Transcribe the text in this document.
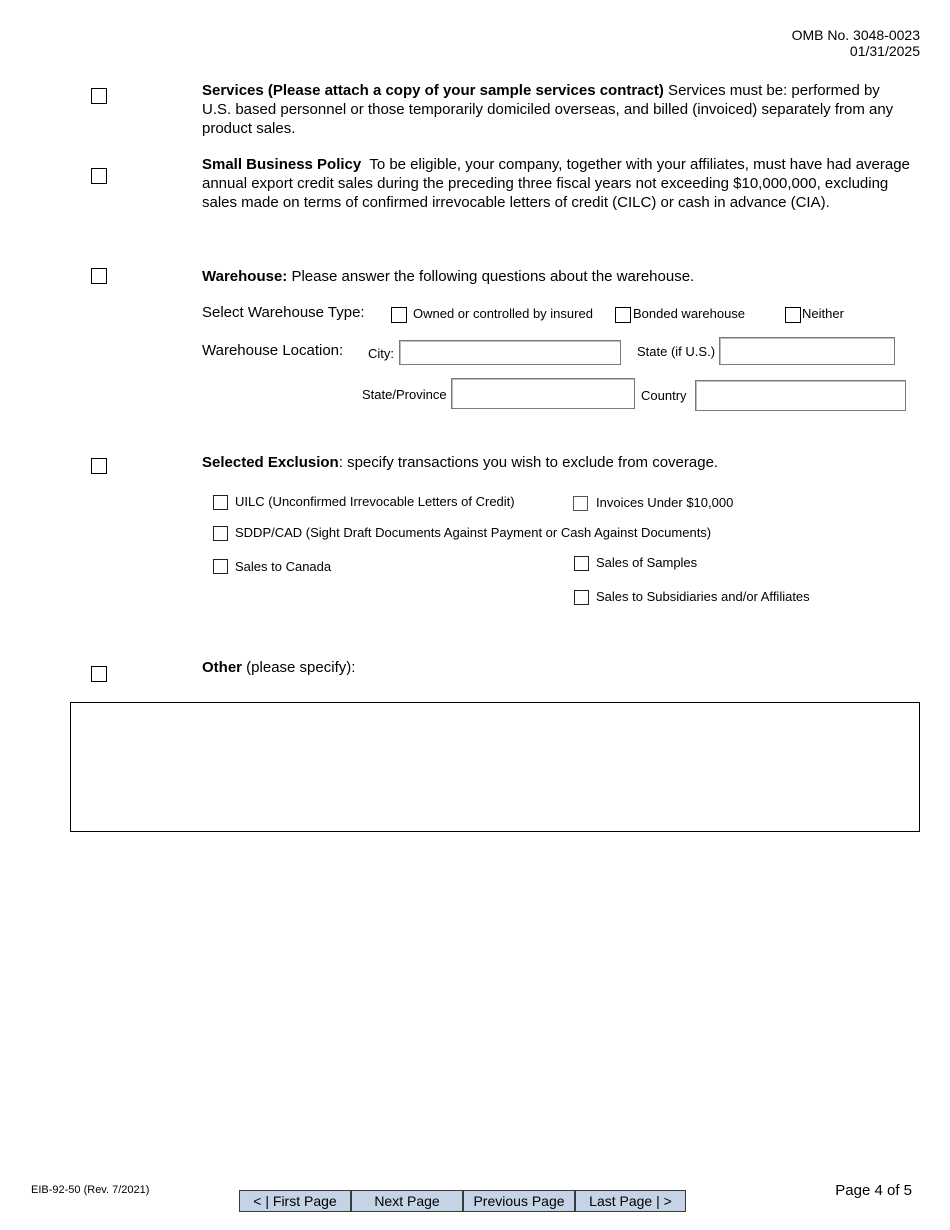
OMB No. 3048-0023
01/31/2025
Services (Please attach a copy of your sample services contract) Services must be: performed by U.S. based personnel or those temporarily domiciled overseas, and billed (invoiced) separately from any product sales.
Small Business Policy  To be eligible, your company, together with your affiliates, must have had average annual export credit sales during the preceding three fiscal years not exceeding $10,000,000, excluding sales made on terms of confirmed irrevocable letters of credit (CILC) or cash in advance (CIA).
Warehouse: Please answer the following questions about the warehouse.
Select Warehouse Type:	Owned or controlled by insured	Bonded warehouse	Neither
Warehouse Location: City:	State (if U.S.)
State/Province	Country
Selected Exclusion: specify transactions you wish to exclude from coverage.
UILC (Unconfirmed Irrevocable Letters of Credit)	Invoices Under $10,000
SDDP/CAD (Sight Draft Documents Against Payment or Cash Against Documents)
Sales to Canada	Sales of Samples
Sales to Subsidiaries and/or Affiliates
Other (please specify):
EIB-92-50 (Rev. 7/2021)
< | First Page	Next Page	Previous Page	Last Page | >
Page 4 of 5
